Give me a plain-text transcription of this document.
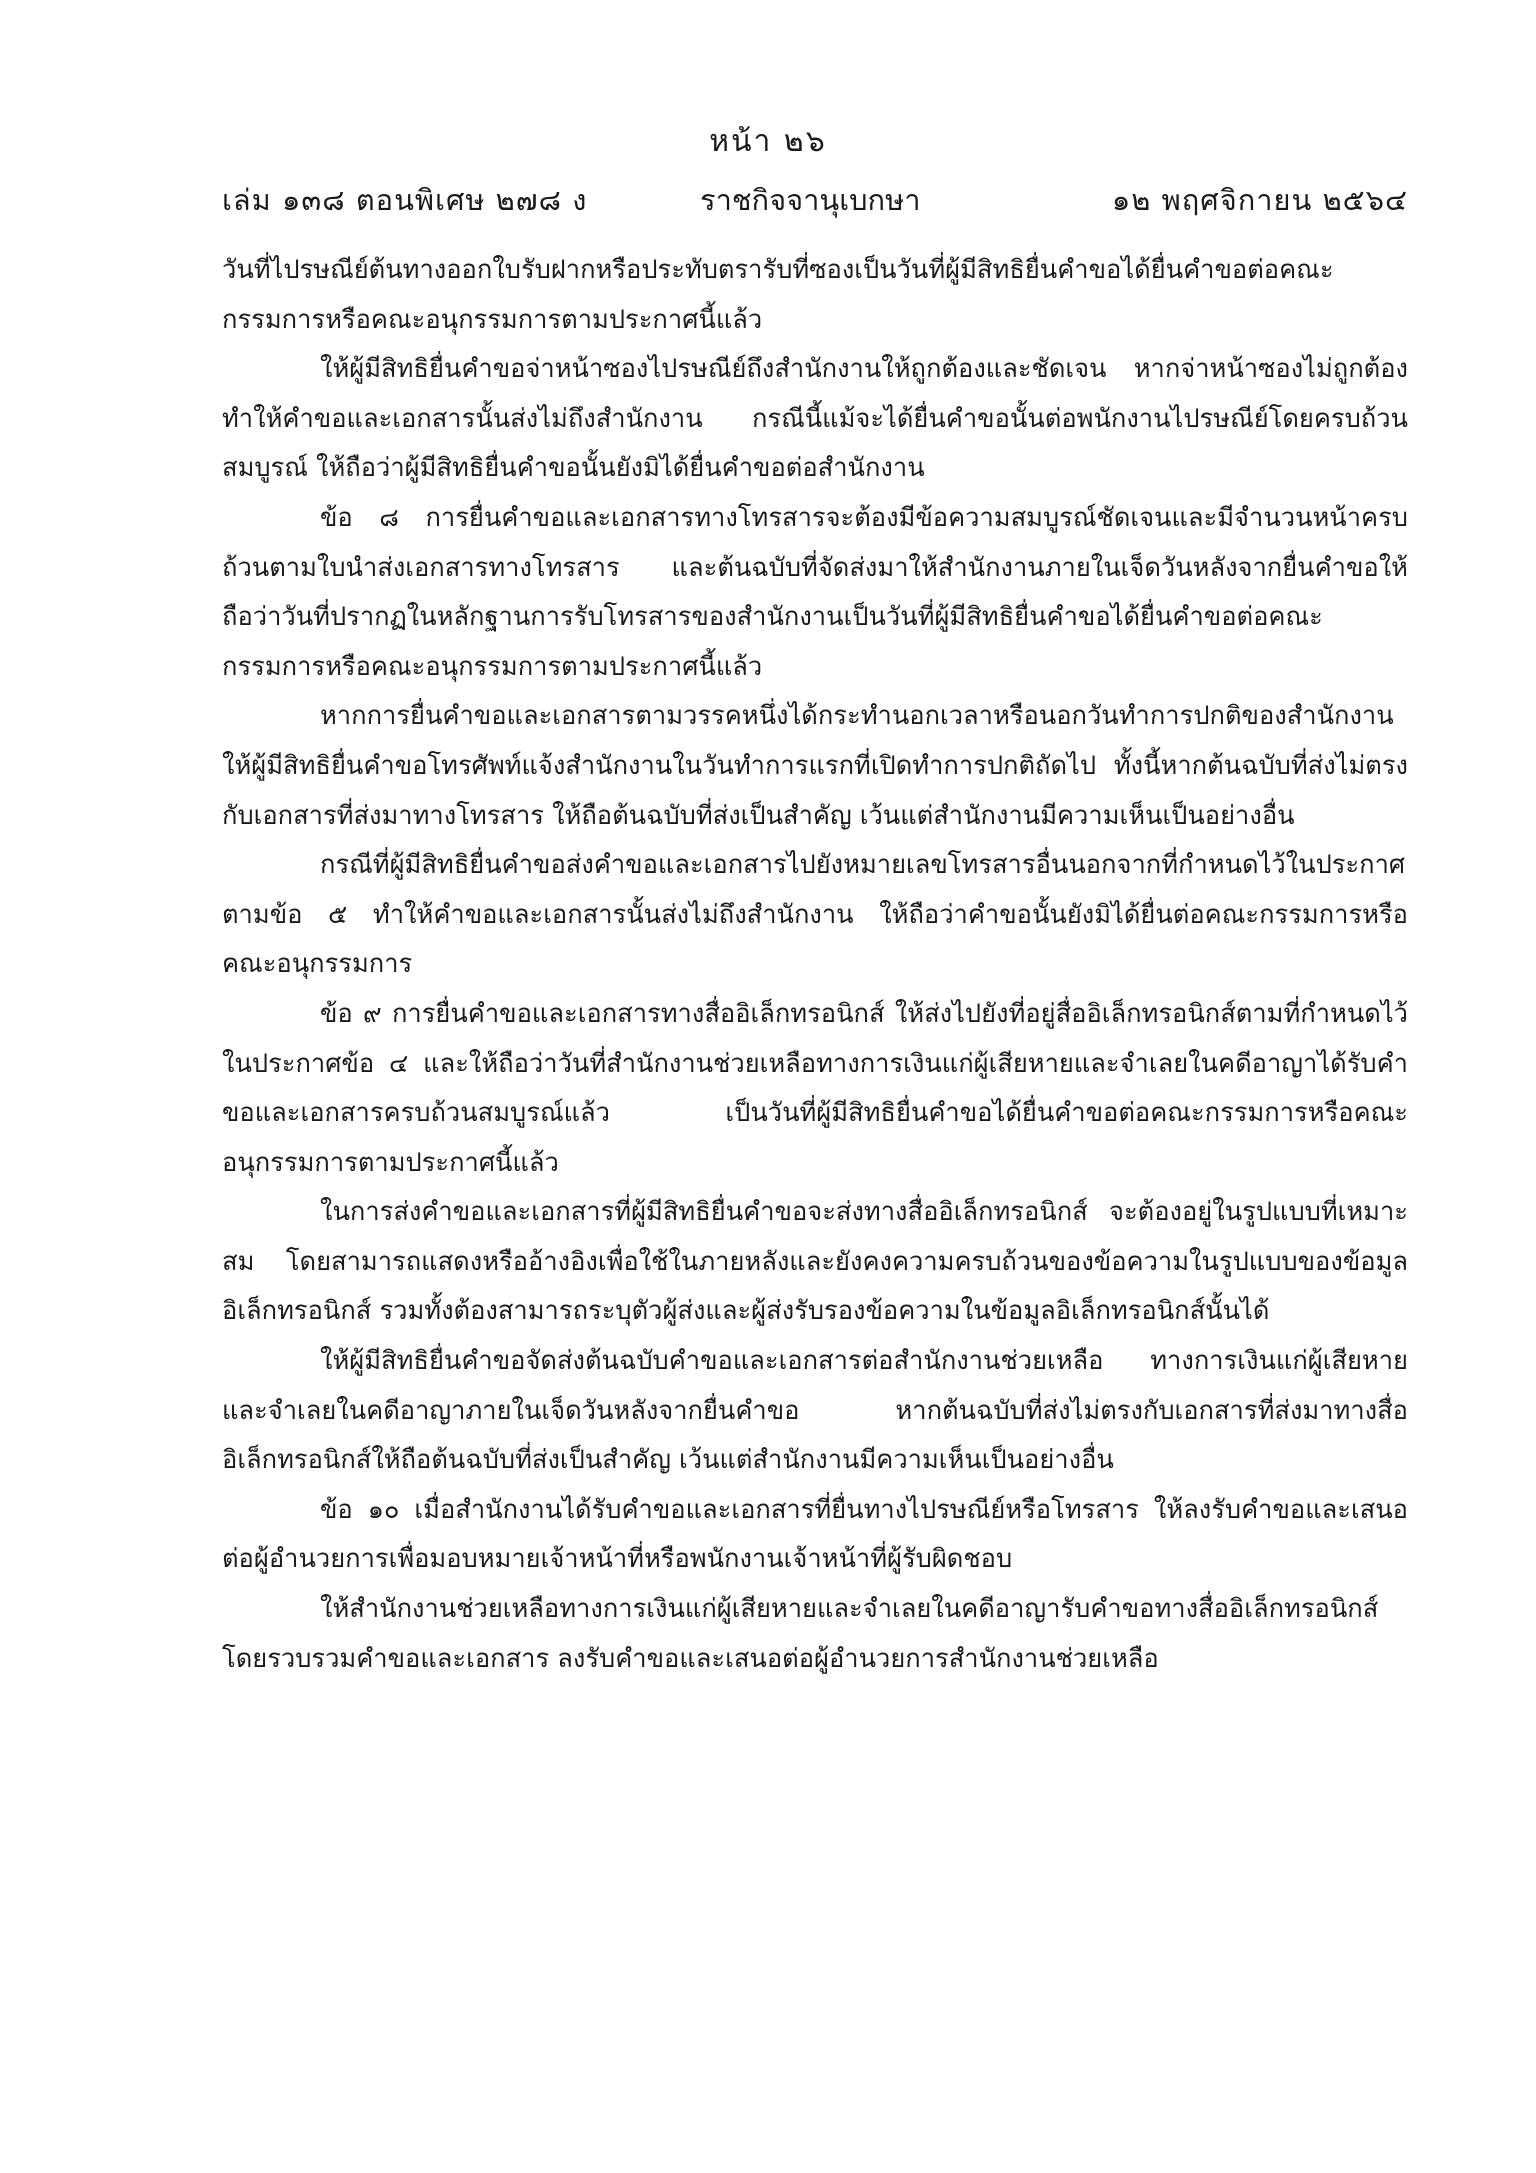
หน้า ๒๖
เล่ม ๑๓๘ ตอนพิเศษ ๒๗๘ ง	ราชกิจจานุเบกษา	๑๒ พฤศจิกายน ๒๕๖๔

วันที่ไปรษณีย์ต้นทางออกใบรับฝากหรือประทับตรารับที่ซองเป็นวันที่ผู้มีสิทธิยื่นคำขอได้ยื่นคำขอต่อคณะกรรมการหรือคณะอนุกรรมการตามประกาศนี้แล้ว

ให้ผู้มีสิทธิยื่นคำขอจ่าหน้าซองไปรษณีย์ถึงสำนักงานให้ถูกต้องและชัดเจน หากจ่าหน้าซองไม่ถูกต้องทำให้คำขอและเอกสารนั้นส่งไม่ถึงสำนักงาน กรณีนี้แม้จะได้ยื่นคำขอนั้นต่อพนักงานไปรษณีย์โดยครบถ้วนสมบูรณ์ ให้ถือว่าผู้มีสิทธิยื่นคำขอนั้นยังมิได้ยื่นคำขอต่อสำนักงาน

ข้อ ๘ การยื่นคำขอและเอกสารทางโทรสารจะต้องมีข้อความสมบูรณ์ชัดเจนและมีจำนวนหน้าครบถ้วนตามใบนำส่งเอกสารทางโทรสาร และต้นฉบับที่จัดส่งมาให้สำนักงานภายในเจ็ดวันหลังจากยื่นคำขอให้ถือว่าวันที่ปรากฏในหลักฐานการรับโทรสารของสำนักงานเป็นวันที่ผู้มีสิทธิยื่นคำขอได้ยื่นคำขอต่อคณะกรรมการหรือคณะอนุกรรมการตามประกาศนี้แล้ว

หากการยื่นคำขอและเอกสารตามวรรคหนึ่งได้กระทำนอกเวลาหรือนอกวันทำการปกติของสำนักงาน ให้ผู้มีสิทธิยื่นคำขอโทรศัพท์แจ้งสำนักงานในวันทำการแรกที่เปิดทำการปกติถัดไป ทั้งนี้หากต้นฉบับที่ส่งไม่ตรงกับเอกสารที่ส่งมาทางโทรสาร ให้ถือต้นฉบับที่ส่งเป็นสำคัญ เว้นแต่สำนักงานมีความเห็นเป็นอย่างอื่น

กรณีที่ผู้มีสิทธิยื่นคำขอส่งคำขอและเอกสารไปยังหมายเลขโทรสารอื่นนอกจากที่กำหนดไว้ในประกาศตามข้อ ๕ ทำให้คำขอและเอกสารนั้นส่งไม่ถึงสำนักงาน ให้ถือว่าคำขอนั้นยังมิได้ยื่นต่อคณะกรรมการหรือคณะอนุกรรมการ

ข้อ ๙ การยื่นคำขอและเอกสารทางสื่ออิเล็กทรอนิกส์ ให้ส่งไปยังที่อยู่สื่ออิเล็กทรอนิกส์ตามที่กำหนดไว้ในประกาศข้อ ๔ และให้ถือว่าวันที่สำนักงานช่วยเหลือทางการเงินแก่ผู้เสียหายและจำเลยในคดีอาญาได้รับคำขอและเอกสารครบถ้วนสมบูรณ์แล้ว เป็นวันที่ผู้มีสิทธิยื่นคำขอได้ยื่นคำขอต่อคณะกรรมการหรือคณะอนุกรรมการตามประกาศนี้แล้ว

ในการส่งคำขอและเอกสารที่ผู้มีสิทธิยื่นคำขอจะส่งทางสื่ออิเล็กทรอนิกส์ จะต้องอยู่ในรูปแบบที่เหมาะสม โดยสามารถแสดงหรืออ้างอิงเพื่อใช้ในภายหลังและยังคงความครบถ้วนของข้อความในรูปแบบของข้อมูลอิเล็กทรอนิกส์ รวมทั้งต้องสามารถระบุตัวผู้ส่งและผู้ส่งรับรองข้อความในข้อมูลอิเล็กทรอนิกส์นั้นได้

ให้ผู้มีสิทธิยื่นคำขอจัดส่งต้นฉบับคำขอและเอกสารต่อสำนักงานช่วยเหลือ ทางการเงินแก่ผู้เสียหายและจำเลยในคดีอาญาภายในเจ็ดวันหลังจากยื่นคำขอ หากต้นฉบับที่ส่งไม่ตรงกับเอกสารที่ส่งมาทางสื่ออิเล็กทรอนิกส์ให้ถือต้นฉบับที่ส่งเป็นสำคัญ เว้นแต่สำนักงานมีความเห็นเป็นอย่างอื่น

ข้อ ๑๐ เมื่อสำนักงานได้รับคำขอและเอกสารที่ยื่นทางไปรษณีย์หรือโทรสาร ให้ลงรับคำขอและเสนอต่อผู้อำนวยการเพื่อมอบหมายเจ้าหน้าที่หรือพนักงานเจ้าหน้าที่ผู้รับผิดชอบ

ให้สำนักงานช่วยเหลือทางการเงินแก่ผู้เสียหายและจำเลยในคดีอาญารับคำขอทางสื่ออิเล็กทรอนิกส์โดยรวบรวมคำขอและเอกสาร ลงรับคำขอและเสนอต่อผู้อำนวยการสำนักงานช่วยเหลือ
